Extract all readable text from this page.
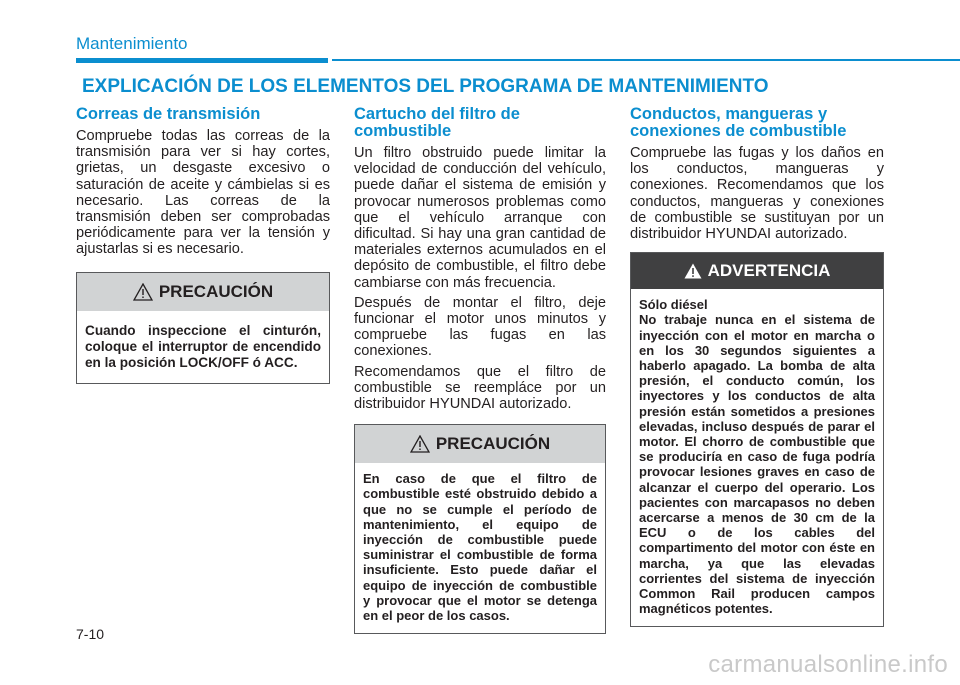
Mantenimiento
EXPLICACIÓN DE LOS ELEMENTOS DEL PROGRAMA DE MANTENIMIENTO
Correas de transmisión

Compruebe todas las correas de la transmisión para ver si hay cortes, grietas, un desgaste excesivo o saturación de aceite y cámbielas si es necesario. Las correas de la transmisión deben ser comprobadas periódicamente para ver la tensión y ajustarlas si es necesario.

PRECAUCIÓN
Cuando inspeccione el cinturón, coloque el interruptor de encendido en la posición LOCK/OFF ó ACC.
Cartucho del filtro de
combustible

Un filtro obstruido puede limitar la velocidad de conducción del vehículo, puede dañar el sistema de emisión y provocar numerosos problemas como que el vehículo arranque con dificultad. Si hay una gran cantidad de materiales externos acumulados en el depósito de combustible, el filtro debe cambiarse con más frecuencia.

Después de montar el filtro, deje funcionar el motor unos minutos y compruebe las fugas en las conexiones.

Recomendamos que el filtro de combustible se reempláce por un distribuidor HYUNDAI autorizado.

PRECAUCIÓN
En caso de que el filtro de combustible esté obstruido debido a que no se cumple el período de mantenimiento, el equipo de inyección de combustible puede suministrar el combustible de forma insuficiente. Esto puede dañar el equipo de inyección de combustible y provocar que el motor se detenga en el peor de los casos.
Conductos, mangueras y
conexiones de combustible

Compruebe las fugas y los daños en los conductos, mangueras y conexiones. Recomendamos que los conductos, mangueras y conexiones de combustible se sustituyan por un distribuidor HYUNDAI autorizado.

ADVERTENCIA
Sólo diésel
No trabaje nunca en el sistema de inyección con el motor en marcha o en los 30 segundos siguientes a haberlo apagado. La bomba de alta presión, el conducto común, los inyectores y los conductos de alta presión están sometidos a presiones elevadas, incluso después de parar el motor. El chorro de combustible que se produciría en caso de fuga podría provocar lesiones graves en caso de alcanzar el cuerpo del operario. Los pacientes con marcapasos no deben acercarse a menos de 30 cm de la ECU o de los cables del compartimento del motor con éste en marcha, ya que las elevadas corrientes del sistema de inyección Common Rail producen campos magnéticos potentes.
7-10
carmanualsonline.info
